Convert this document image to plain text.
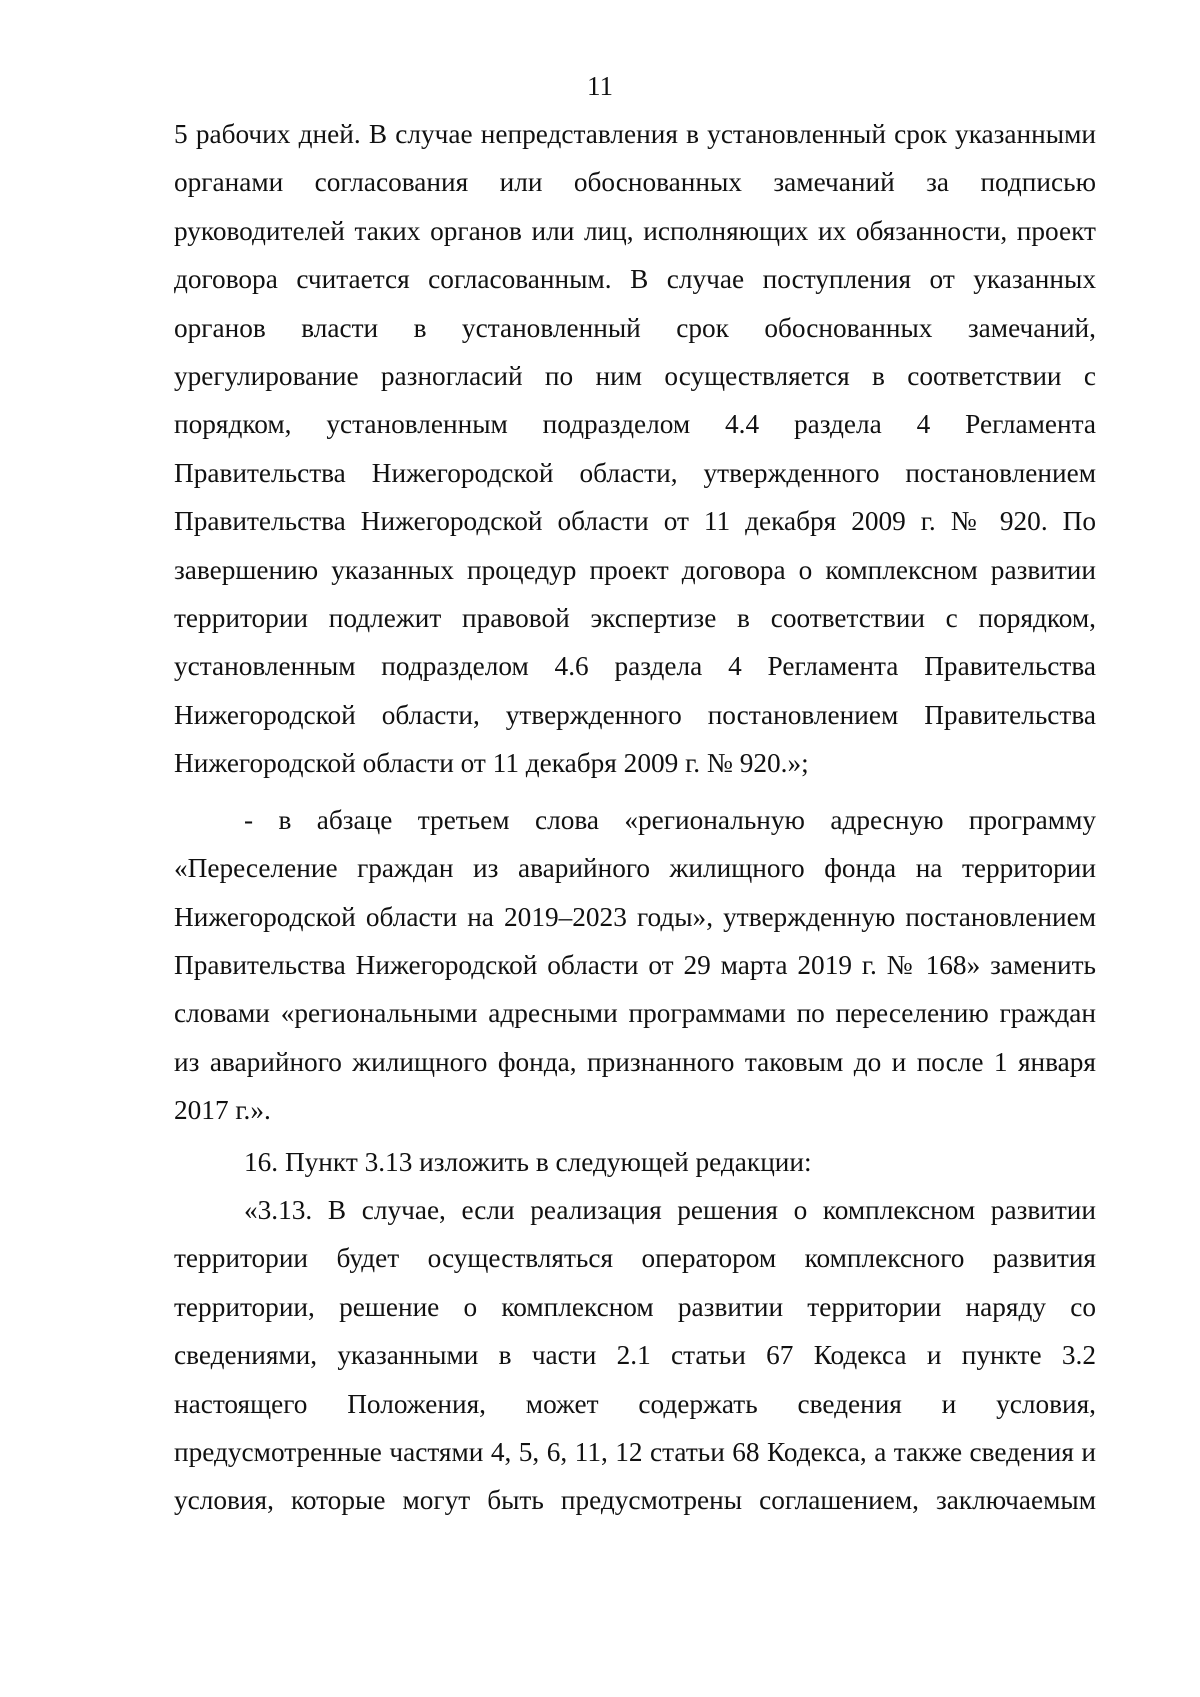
11

5 рабочих дней. В случае непредставления в установленный срок указанными органами согласования или обоснованных замечаний за подписью руководителей таких органов или лиц, исполняющих их обязанности, проект договора считается согласованным. В случае поступления от указанных органов власти в установленный срок обоснованных замечаний, урегулирование разногласий по ним осуществляется в соответствии с порядком, установленным подразделом 4.4 раздела 4 Регламента Правительства Нижегородской области, утвержденного постановлением Правительства Нижегородской области от 11 декабря 2009 г. № 920. По завершению указанных процедур проект договора о комплексном развитии территории подлежит правовой экспертизе в соответствии с порядком, установленным подразделом 4.6 раздела 4 Регламента Правительства Нижегородской области, утвержденного постановлением Правительства Нижегородской области от 11 декабря 2009 г. № 920.»;

- в абзаце третьем слова «региональную адресную программу «Переселение граждан из аварийного жилищного фонда на территории Нижегородской области на 2019–2023 годы», утвержденную постановлением Правительства Нижегородской области от 29 марта 2019 г. № 168» заменить словами «региональными адресными программами по переселению граждан из аварийного жилищного фонда, признанного таковым до и после 1 января 2017 г.».

16. Пункт 3.13 изложить в следующей редакции:

«3.13. В случае, если реализация решения о комплексном развитии территории будет осуществляться оператором комплексного развития территории, решение о комплексном развитии территории наряду со сведениями, указанными в части 2.1 статьи 67 Кодекса и пункте 3.2 настоящего Положения, может содержать сведения и условия, предусмотренные частями 4, 5, 6, 11, 12 статьи 68 Кодекса, а также сведения и условия, которые могут быть предусмотрены соглашением, заключаемым
